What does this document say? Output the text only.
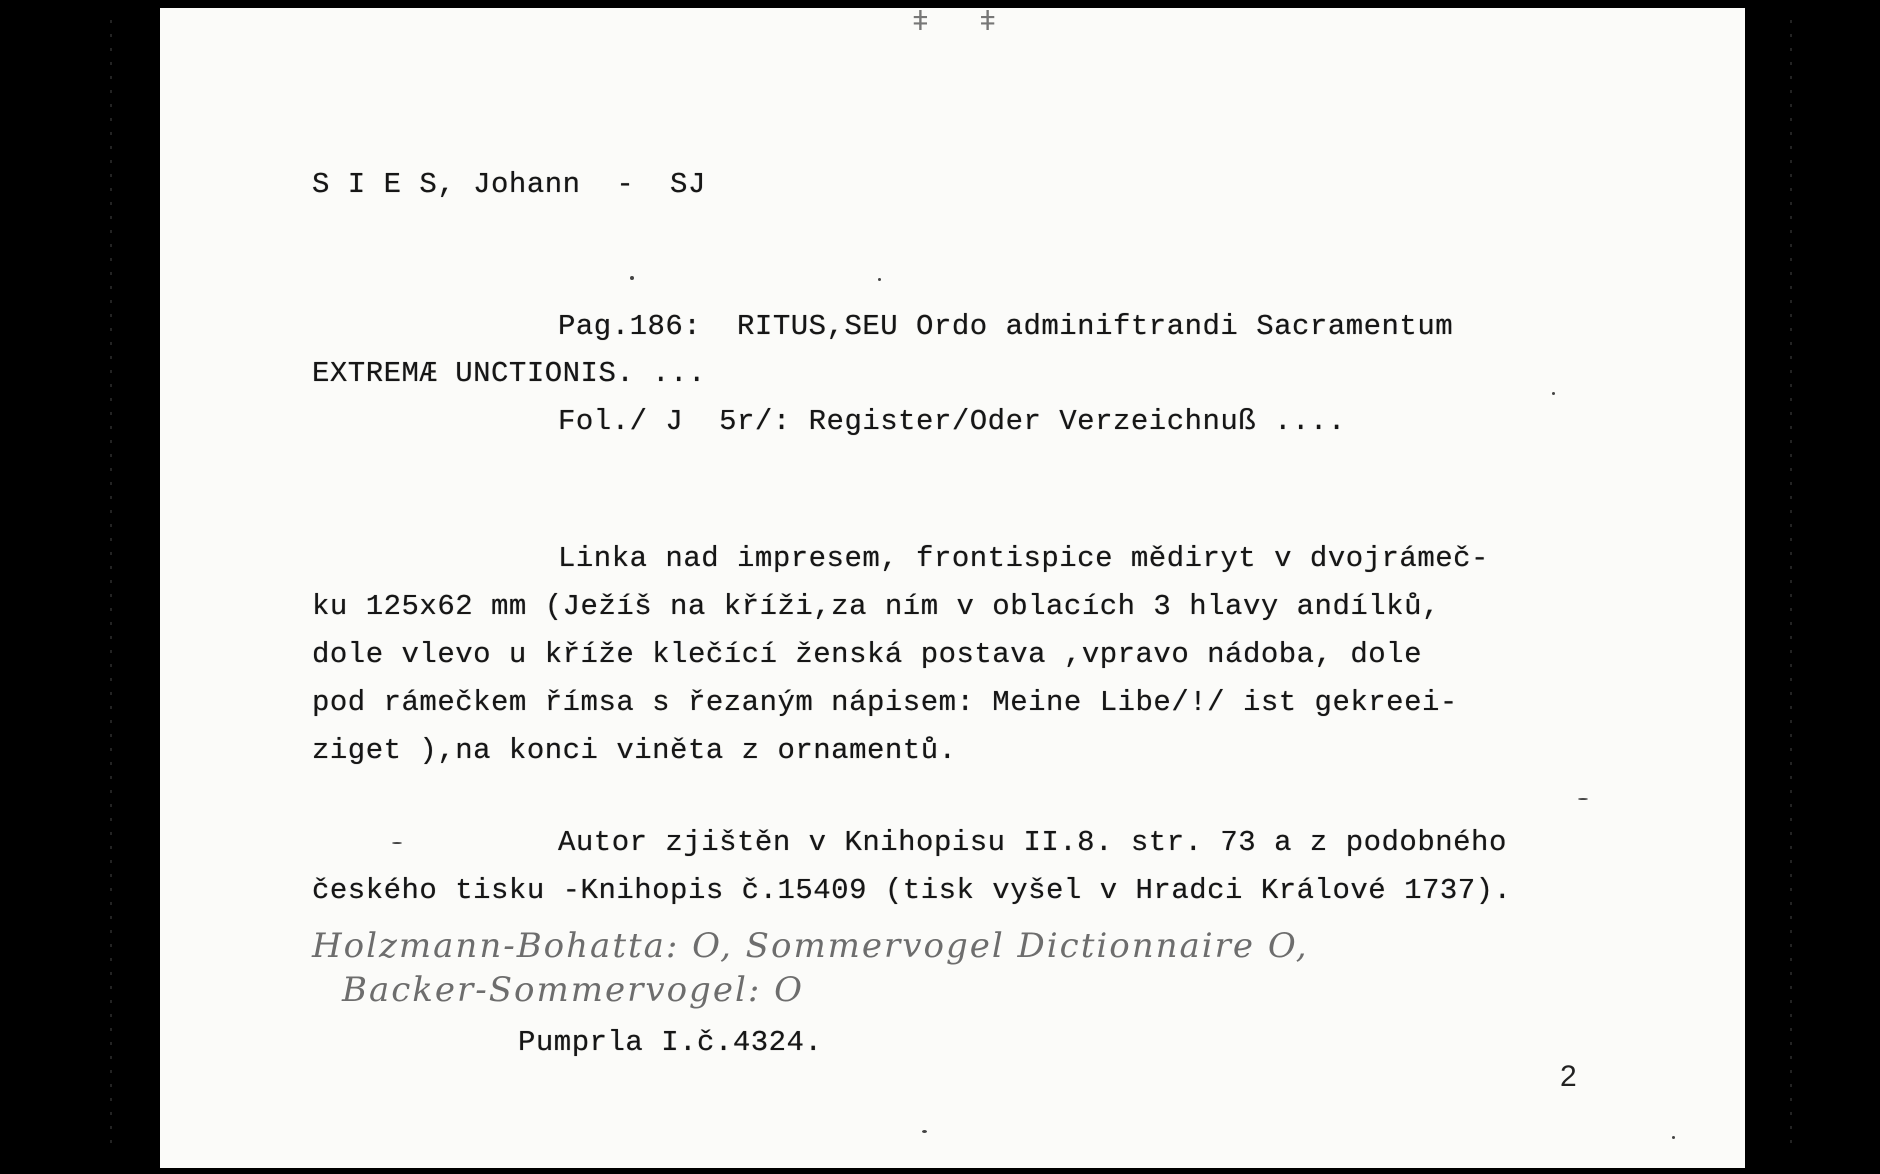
ǂ   ǂ
S I E S, Johann  -  SJ
Pag.186:  RITUS,SEU Ordo adminiftrandi Sacramentum
EXTREMÆ UNCTIONIS. ...
Fol./ J  5r/: Register/Oder Verzeichnuß ....
Linka nad impresem, frontispice mědiryt v dvojrámeč-
ku 125x62 mm (Ježíš na kříži,za ním v oblacích 3 hlavy andílků,
dole vlevo u kříže klečící ženská postava ,vpravo nádoba, dole
pod rámečkem římsa s řezaným nápisem: Meine Libe/!/ ist gekreei-
ziget ),na konci viněta z ornamentů.
Autor zjištěn v Knihopisu II.8. str. 73 a z podobného
českého tisku -Knihopis č.15409 (tisk vyšel v Hradci Králové 1737).
Holzmann-Bohatta: O, Sommervogel Dictionnaire O,
Backer-Sommervogel: O
Pumprla I.č.4324.
2
